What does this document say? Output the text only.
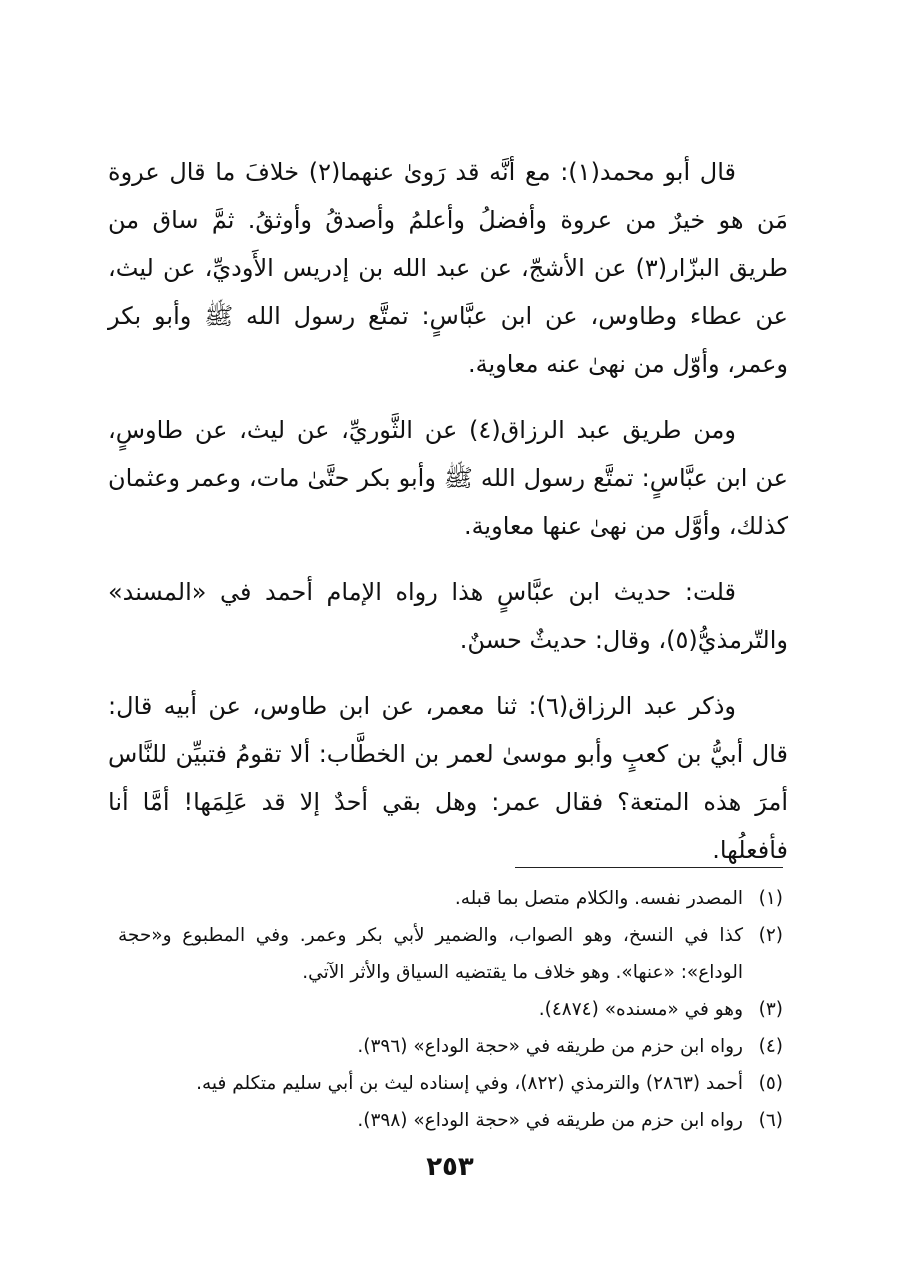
قال أبو محمد(١): مع أنَّه قد رَوىٰ عنهما(٢) خلافَ ما قال عروة مَن هو خيرٌ من عروة وأفضلُ وأعلمُ وأصدقُ وأوثقُ. ثمَّ ساق من طريق البزّار(٣) عن الأشجّ، عن عبد الله بن إدريس الأَوديِّ، عن ليث، عن عطاء وطاوس، عن ابن عبَّاسٍ: تمتَّع رسول الله ﷺ وأبو بكر وعمر، وأوّل من نهىٰ عنه معاوية.

ومن طريق عبد الرزاق(٤) عن الثَّوريِّ، عن ليث، عن طاوسٍ، عن ابن عبَّاسٍ: تمتَّع رسول الله ﷺ وأبو بكر حتَّىٰ مات، وعمر وعثمان كذلك، وأوَّل من نهىٰ عنها معاوية.

قلت: حديث ابن عبَّاسٍ هذا رواه الإمام أحمد في «المسند» والتّرمذيُّ(٥)، وقال: حديثٌ حسنٌ.

وذكر عبد الرزاق(٦): ثنا معمر، عن ابن طاوس، عن أبيه قال: قال أبيُّ بن كعبٍ وأبو موسىٰ لعمر بن الخطَّاب: ألا تقومُ فتبيِّن للنَّاس أمرَ هذه المتعة؟ فقال عمر: وهل بقي أحدٌ إلا قد عَلِمَها! أمَّا أنا فأفعلُها.

(١)
المصدر نفسه. والكلام متصل بما قبله.
(٢)
كذا في النسخ، وهو الصواب، والضمير لأبي بكر وعمر. وفي المطبوع و«حجة الوداع»: «عنها». وهو خلاف ما يقتضيه السياق والأثر الآتي.
(٣)
وهو في «مسنده» (٤٨٧٤).
(٤)
رواه ابن حزم من طريقه في «حجة الوداع» (٣٩٦).
(٥)
أحمد (٢٨٦٣) والترمذي (٨٢٢)، وفي إسناده ليث بن أبي سليم متكلم فيه.
(٦)
رواه ابن حزم من طريقه في «حجة الوداع» (٣٩٨).
٢٥٣
